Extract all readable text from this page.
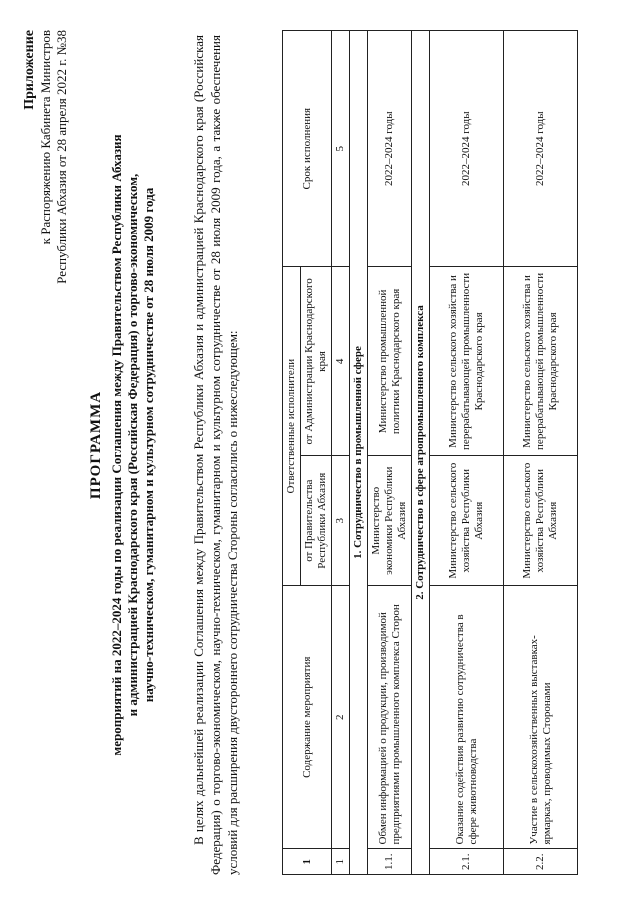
Приложение к Распоряжению Кабинета Министров Республики Абхазия от 28 апреля 2022 г. №38
ПРОГРАММА мероприятий на 2022–2024 годы по реализации Соглашения между Правительством Республики Абхазия и администрацией Краснодарского края (Российская Федерация) о торгово-экономическом, научно-техническом, гуманитарном и культурном сотрудничестве от 28 июля 2009 года	В целях дальнейшей реализации Соглашения между Правительством Республики Абхазия и администрацией Краснодарского края (Российская Федерация) о торгово-экономическом, научно-техническом, гуманитарном и культурном сотрудничестве от 28 июля 2009 года, а также обеспечения условий для расширения двустороннего сотрудничества Стороны согласились о нижеследующем:	1	Содержание мероприятия	Ответственные исполнители		Срок исполнения
		от Правительства Республики Абхазия	от Администрации Краснодарского края	
1	2	3	4	5
1. Сотрудничество в промышленной сфере				
1.1.	Обмен информацией о продукции, производимой предприятиями промышленного комплекса Сторон	Министерство экономики Республики Абхазия	Министерство промышленной политики Краснодарского края	2022–2024 годы
2. Сотрудничество в сфере агропромышленного комплекса				
2.1.	Оказание содействия развитию сотрудничества в сфере животноводства	Министерство сельского хозяйства Республики Абхазия	Министерство сельского хозяйства и перерабатывающей промышленности Краснодарского края	2022–2024 годы
2.2.	Участие в сельскохозяйственных выставках-ярмарках, проводимых Сторонами	Министерство сельского хозяйства Республики Абхазия	Министерство сельского хозяйства и перерабатывающей промышленности Краснодарского края	2022–2024 годы
